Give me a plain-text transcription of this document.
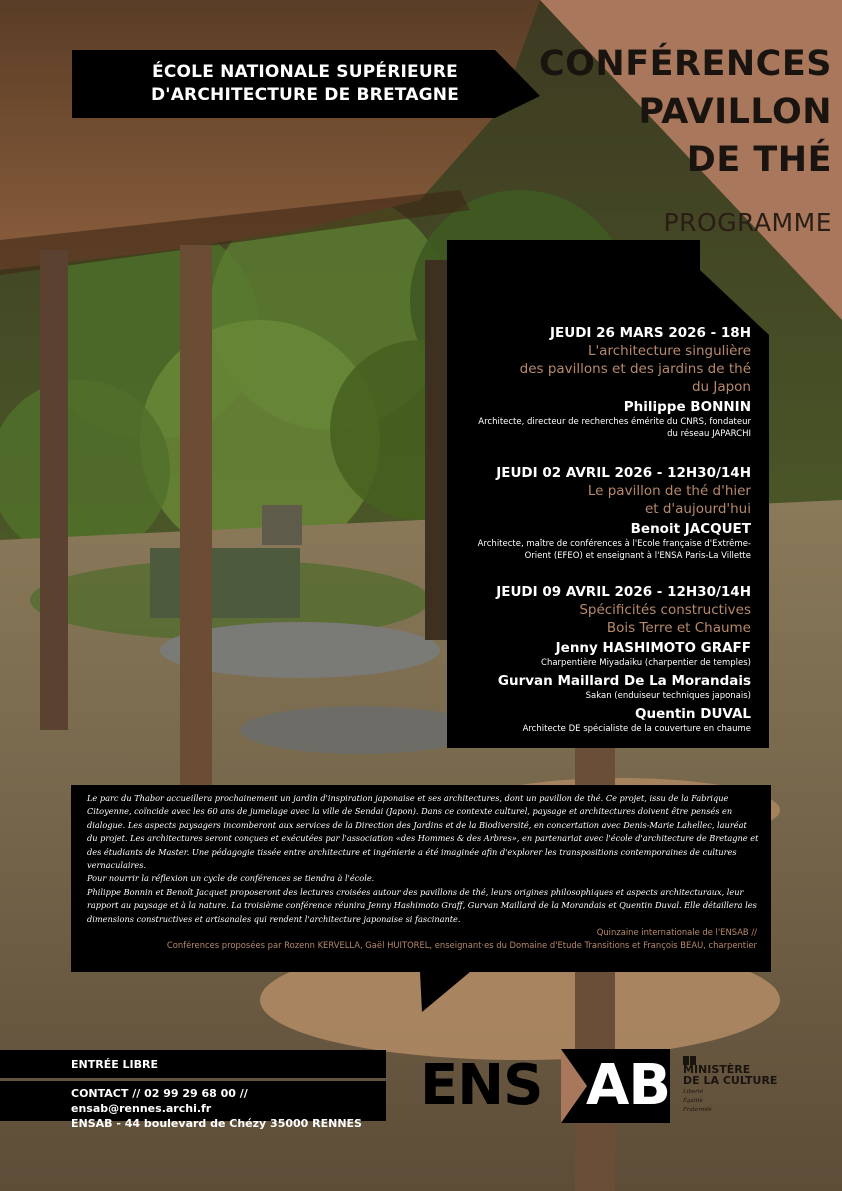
ÉCOLE NATIONALE SUPÉRIEURE
D'ARCHITECTURE DE BRETAGNE
CONFÉRENCES
PAVILLON
DE THÉ
PROGRAMME
JEUDI 26 MARS 2026 - 18H
L'architecture singulière
des pavillons et des jardins de thé
du Japon
Philippe BONNIN
Architecte, directeur de recherches émérite du CNRS, fondateur
du réseau JAPARCHI
JEUDI 02 AVRIL 2026 - 12H30/14H
Le pavillon de thé d'hier
et d'aujourd'hui
Benoit JACQUET
Architecte, maître de conférences à l'Ecole française d'Extrême-
Orient (EFEO) et enseignant à l'ENSA Paris-La Villette
JEUDI 09 AVRIL 2026 - 12H30/14H
Spécificités constructives
Bois Terre et Chaume
Jenny HASHIMOTO GRAFF
Charpentière Miyadaiku (charpentier de temples)
Gurvan Maillard De La Morandais
Sakan (enduiseur techniques japonais)
Quentin DUVAL
Architecte DE spécialiste de la couverture en chaume

Le parc du Thabor accueillera prochainement un jardin d'inspiration japonaise et ses architectures, dont un pavillon de thé. Ce projet, issu de la Fabrique Citoyenne, coïncide avec les 60 ans de jumelage avec la ville de Sendai (Japon). Dans ce contexte culturel, paysage et architectures doivent être pensés en dialogue. Les aspects paysagers incomberont aux services de la Direction des Jardins et de la Biodiversité, en concertation avec Denis-Marie Lahellec, lauréat du projet. Les architectures seront conçues et exécutées par l'association «des Hommes & des Arbres», en partenariat avec l'école d'architecture de Bretagne et des étudiants de Master. Une pédagogie tissée entre architecture et ingénierie a été imaginée afin d'explorer les transpositions contemporaines de cultures vernaculaires.

Pour nourrir la réflexion un cycle de conférences se tiendra à l'école.

Philippe Bonnin et Benoît Jacquet proposeront des lectures croisées autour des pavillons de thé, leurs origines philosophiques et aspects architecturaux, leur rapport au paysage et à la nature. La troisième conférence réunira Jenny Hashimoto Graff, Gurvan Maillard de la Morandais et Quentin Duval. Elle détaillera les dimensions constructives et artisanales qui rendent l'architecture japonaise si fascinante.

Quinzaine internationale de l'ENSAB //
Conférences proposées par Rozenn KERVELLA, Gaël HUITOREL, enseignant·es du Domaine d'Etude Transitions et François BEAU, charpentier
ENTRÉE LIBRE
CONTACT // 02 99 29 68 00 // ensab@rennes.archi.fr
ENSAB - 44 boulevard de Chézy 35000 RENNES
ENS AB MINISTÈRE
DE LA CULTURE
Liberté
Égalité
Fraternité
